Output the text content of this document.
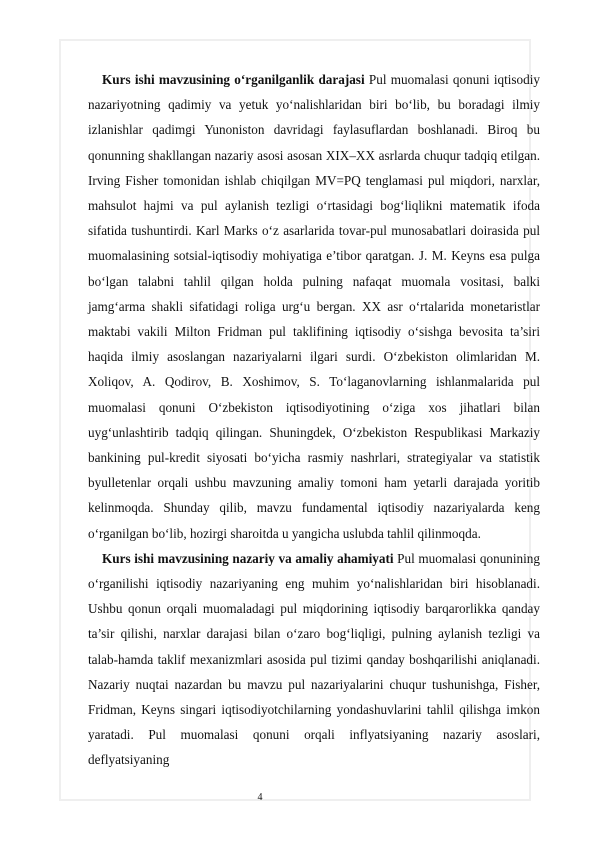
Kurs ishi mavzusining o‘rganilganlik darajasi Pul muomalasi qonuni iqtisodiy nazariyotning qadimiy va yetuk yo‘nalishlaridan biri bo‘lib, bu boradagi ilmiy izlanishlar qadimgi Yunoniston davridagi faylasuflardan boshlanadi. Biroq bu qonunning shakllangan nazariy asosi asosan XIX–XX asrlarda chuqur tadqiq etilgan. Irving Fisher tomonidan ishlab chiqilgan MV=PQ tenglamasi pul miqdori, narxlar, mahsulot hajmi va pul aylanish tezligi o‘rtasidagi bog‘liqlikni matematik ifoda sifatida tushuntirdi. Karl Marks o‘z asarlarida tovar-pul munosabatlari doirasida pul muomalasining sotsial-iqtisodiy mohiyatiga e’tibor qaratgan. J. M. Keyns esa pulga bo‘lgan talabni tahlil qilgan holda pulning nafaqat muomala vositasi, balki jamg‘arma shakli sifatidagi roliga urg‘u bergan. XX asr o‘rtalarida monetaristlar maktabi vakili Milton Fridman pul taklifining iqtisodiy o‘sishga bevosita ta’siri haqida ilmiy asoslangan nazariyalarni ilgari surdi. O‘zbekiston olimlaridan M. Xoliqov, A. Qodirov, B. Xoshimov, S. To‘laganovlarning ishlanmalarida pul muomalasi qonuni O‘zbekiston iqtisodiyotining o‘ziga xos jihatlari bilan uyg‘unlashtirib tadqiq qilingan. Shuningdek, O‘zbekiston Respublikasi Markaziy bankining pul-kredit siyosati bo‘yicha rasmiy nashrlari, strategiyalar va statistik byulletenlar orqali ushbu mavzuning amaliy tomoni ham yetarli darajada yoritib kelinmoqda. Shunday qilib, mavzu fundamental iqtisodiy nazariyalarda keng o‘rganilgan bo‘lib, hozirgi sharoitda u yangicha uslubda tahlil qilinmoqda.

Kurs ishi mavzusining nazariy va amaliy ahamiyati Pul muomalasi qonunining o‘rganilishi iqtisodiy nazariyaning eng muhim yo‘nalishlaridan biri hisoblanadi. Ushbu qonun orqali muomaladagi pul miqdorining iqtisodiy barqarorlikka qanday ta’sir qilishi, narxlar darajasi bilan o‘zaro bog‘liqligi, pulning aylanish tezligi va talab-hamda taklif mexanizmlari asosida pul tizimi qanday boshqarilishi aniqlanadi. Nazariy nuqtai nazardan bu mavzu pul nazariyalarini chuqur tushunishga, Fisher, Fridman, Keyns singari iqtisodiyotchilarning yondashuvlarini tahlil qilishga imkon yaratadi. Pul muomalasi qonuni orqali inflyatsiyaning nazariy asoslari, deflyatsiyaning

4
